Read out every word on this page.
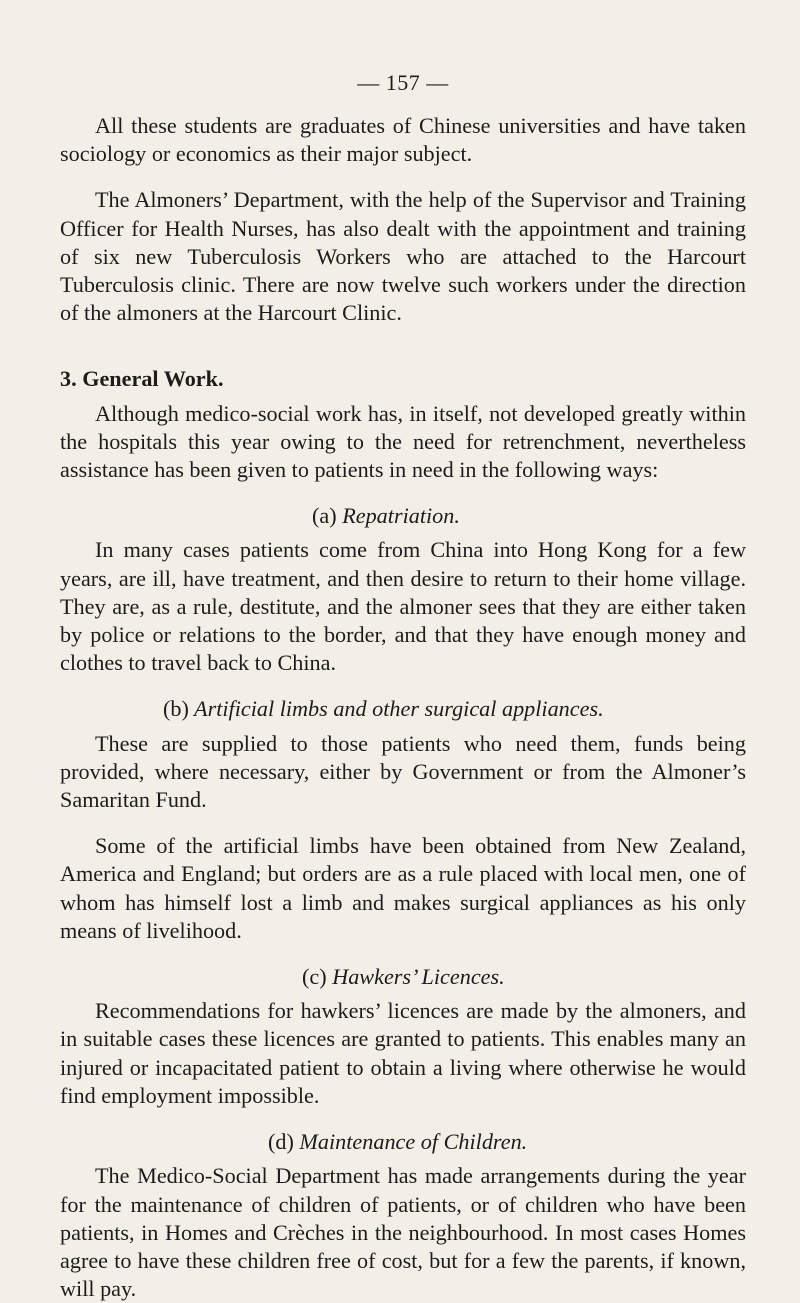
— 157 —

All these students are graduates of Chinese universities and have taken sociology or economics as their major subject.

The Almoners’ Department, with the help of the Supervisor and Training Officer for Health Nurses, has also dealt with the appointment and training of six new Tuberculosis Workers who are attached to the Harcourt Tuberculosis clinic. There are now twelve such workers under the direction of the almoners at the Harcourt Clinic.

3. General Work.

Although medico-social work has, in itself, not developed greatly within the hospitals this year owing to the need for retrenchment, nevertheless assistance has been given to patients in need in the following ways:

(a) Repatriation.

In many cases patients come from China into Hong Kong for a few years, are ill, have treatment, and then desire to return to their home village. They are, as a rule, destitute, and the almoner sees that they are either taken by police or relations to the border, and that they have enough money and clothes to travel back to China.

(b) Artificial limbs and other surgical appliances.

These are supplied to those patients who need them, funds being provided, where necessary, either by Government or from the Almoner’s Samaritan Fund.

Some of the artificial limbs have been obtained from New Zealand, America and England; but orders are as a rule placed with local men, one of whom has himself lost a limb and makes surgical appliances as his only means of livelihood.

(c) Hawkers’ Licences.

Recommendations for hawkers’ licences are made by the almoners, and in suitable cases these licences are granted to patients. This enables many an injured or incapacitated patient to obtain a living where otherwise he would find employment impossible.

(d) Maintenance of Children.

The Medico-Social Department has made arrangements during the year for the maintenance of children of patients, or of children who have been patients, in Homes and Crèches in the neighbourhood. In most cases Homes agree to have these children free of cost, but for a few the parents, if known, will pay.
